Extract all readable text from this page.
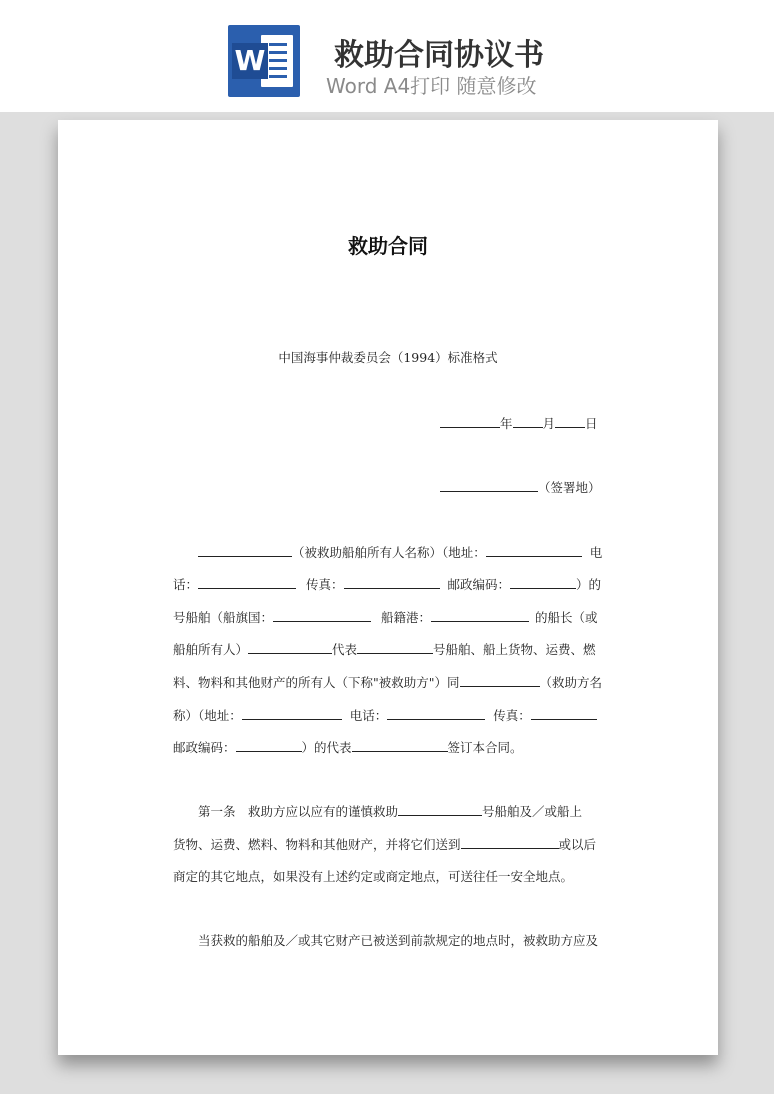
W 救助合同协议书
Word A4打印 随意修改
救助合同
中国海事仲裁委员会（1994）标准格式
年 月 日
（签署地）
（被救助船舶所有人名称）（地址：	电
话：	传真：	邮政编码：	）的
号船舶（船旗国：	船籍港：	的船长（或
船舶所有人）	代表	号船舶、船上货物、运费、燃
料、物料和其他财产的所有人（下称"被救助方"）同	（救助方名
称）（地址：	电话：	传真：
邮政编码：	）的代表	签订本合同。
第一条　救助方应以应有的谨慎救助	号船舶及／或船上
货物、运费、燃料、物料和其他财产，并将它们送到	或以后
商定的其它地点，如果没有上述约定或商定地点，可送往任一安全地点。
当获救的船舶及／或其它财产已被送到前款规定的地点时，被救助方应及
